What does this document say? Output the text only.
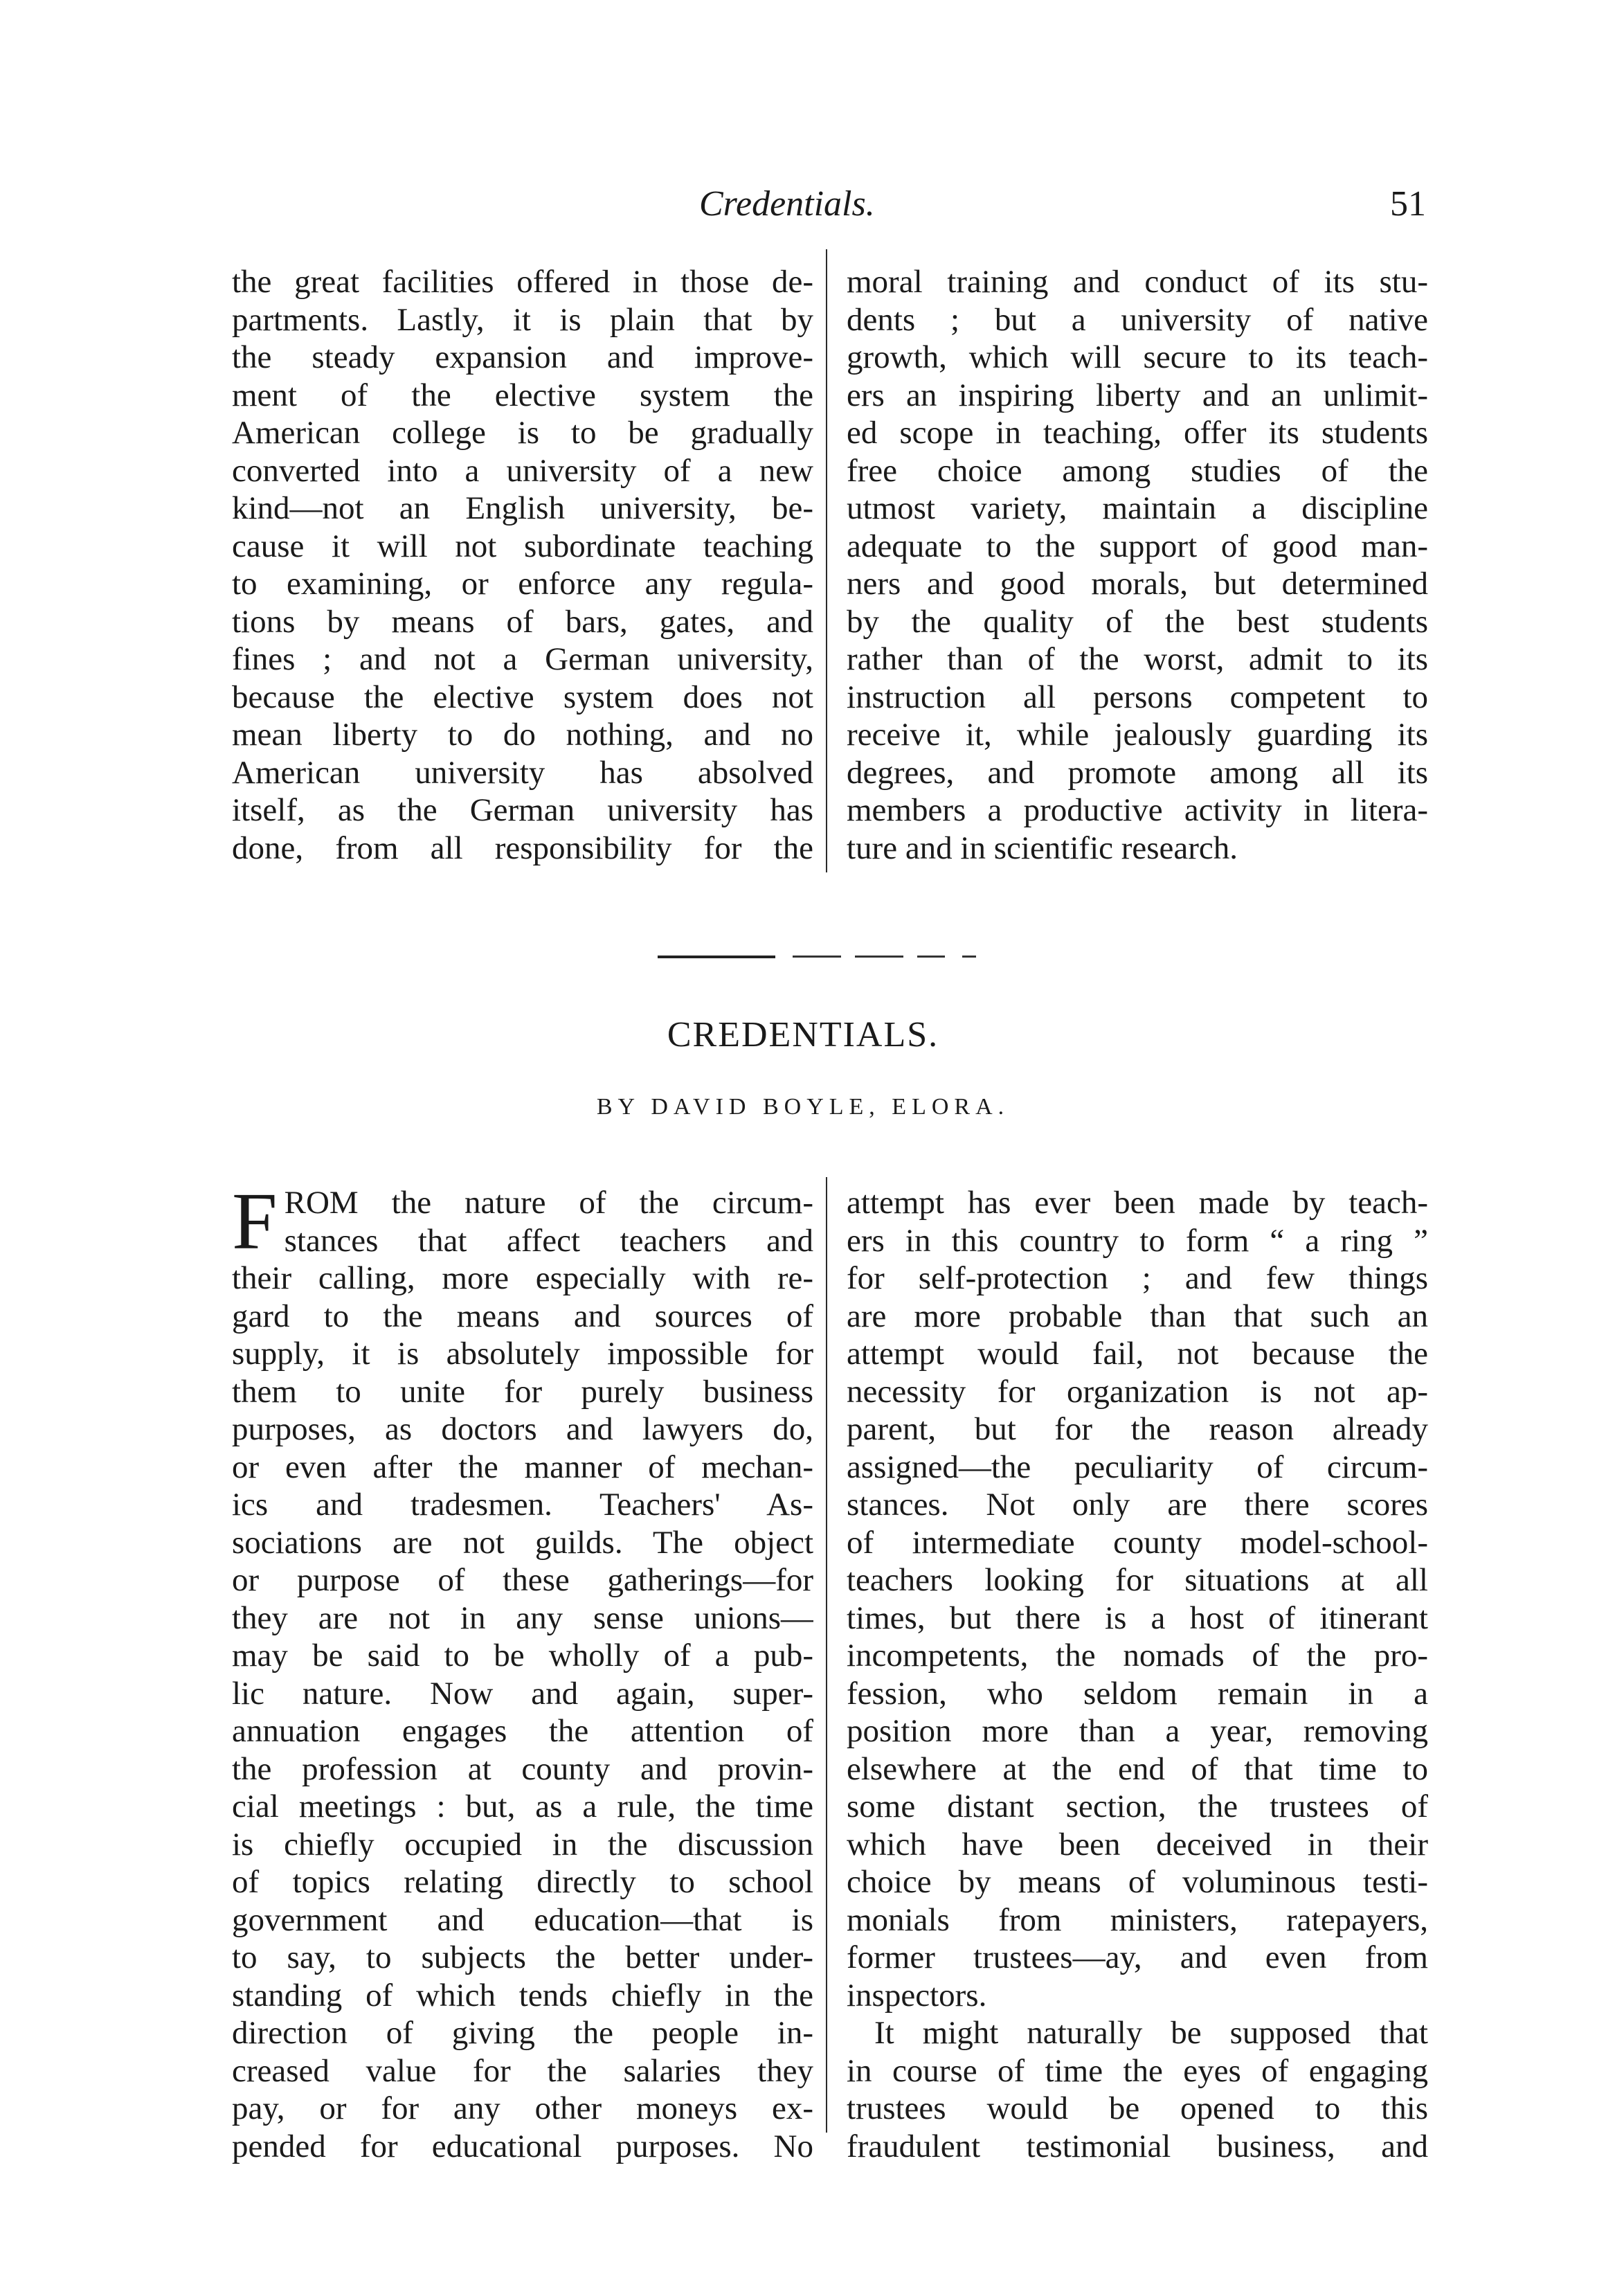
Credentials.	51
the great facilities offered in those de-
partments. Lastly, it is plain that by
the steady expansion and improve-
ment of the elective system the
American college is to be gradually
converted into a university of a new
kind—not an English university, be-
cause it will not subordinate teaching
to examining, or enforce any regula-
tions by means of bars, gates, and
fines ; and not a German university,
because the elective system does not
mean liberty to do nothing, and no
American university has absolved
itself, as the German university has
done, from all responsibility for the
moral training and conduct of its stu-
dents ; but a university of native
growth, which will secure to its teach-
ers an inspiring liberty and an unlimit-
ed scope in teaching, offer its students
free choice among studies of the
utmost variety, maintain a discipline
adequate to the support of good man-
ners and good morals, but determined
by the quality of the best students
rather than of the worst, admit to its
instruction all persons competent to
receive it, while jealously guarding its
degrees, and promote among all its
members a productive activity in litera-
ture and in scientific research.
CREDENTIALS.
BY DAVID BOYLE, ELORA.
F ROM the nature of the circum-
stances that affect teachers and
their calling, more especially with re-
gard to the means and sources of
supply, it is absolutely impossible for
them to unite for purely business
purposes, as doctors and lawyers do,
or even after the manner of mechan-
ics and tradesmen. Teachers' As-
sociations are not guilds. The object
or purpose of these gatherings—for
they are not in any sense unions—
may be said to be wholly of a pub-
lic nature. Now and again, super-
annuation engages the attention of
the profession at county and provin-
cial meetings : but, as a rule, the time
is chiefly occupied in the discussion
of topics relating directly to school
government and education—that is
to say, to subjects the better under-
standing of which tends chiefly in the
direction of giving the people in-
creased value for the salaries they
pay, or for any other moneys ex-
pended for educational purposes. No
attempt has ever been made by teach-
ers in this country to form “ a ring ”
for self-protection ; and few things
are more probable than that such an
attempt would fail, not because the
necessity for organization is not ap-
parent, but for the reason already
assigned—the peculiarity of circum-
stances. Not only are there scores
of intermediate county model-school-
teachers looking for situations at all
times, but there is a host of itinerant
incompetents, the nomads of the pro-
fession, who seldom remain in a
position more than a year, removing
elsewhere at the end of that time to
some distant section, the trustees of
which have been deceived in their
choice by means of voluminous testi-
monials from ministers, ratepayers,
former trustees—ay, and even from
inspectors.
It might naturally be supposed that
in course of time the eyes of engaging
trustees would be opened to this
fraudulent testimonial business, and
